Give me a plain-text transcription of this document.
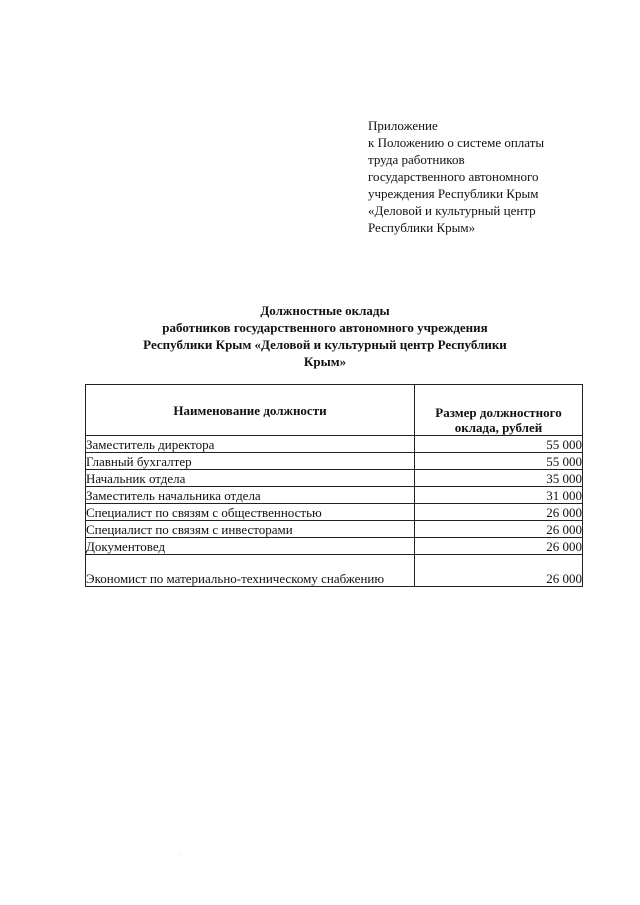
Приложение
к Положению о системе оплаты
труда работников
государственного автономного
учреждения Республики Крым
«Деловой и культурный центр
Республики Крым»
Должностные оклады
работников государственного автономного учреждения
Республики Крым «Деловой и культурный центр Республики
Крым»
Наименование должности	Размер должностного
оклада, рублей

Заместитель директора	55 000
Главный бухгалтер	55 000
Начальник отдела	35 000
Заместитель начальника отдела	31 000
Специалист по связям с общественностью	26 000
Специалист по связям с инвесторами	26 000
Документовед	26 000
Экономист по материально-техническому снабжению	26 000
·
